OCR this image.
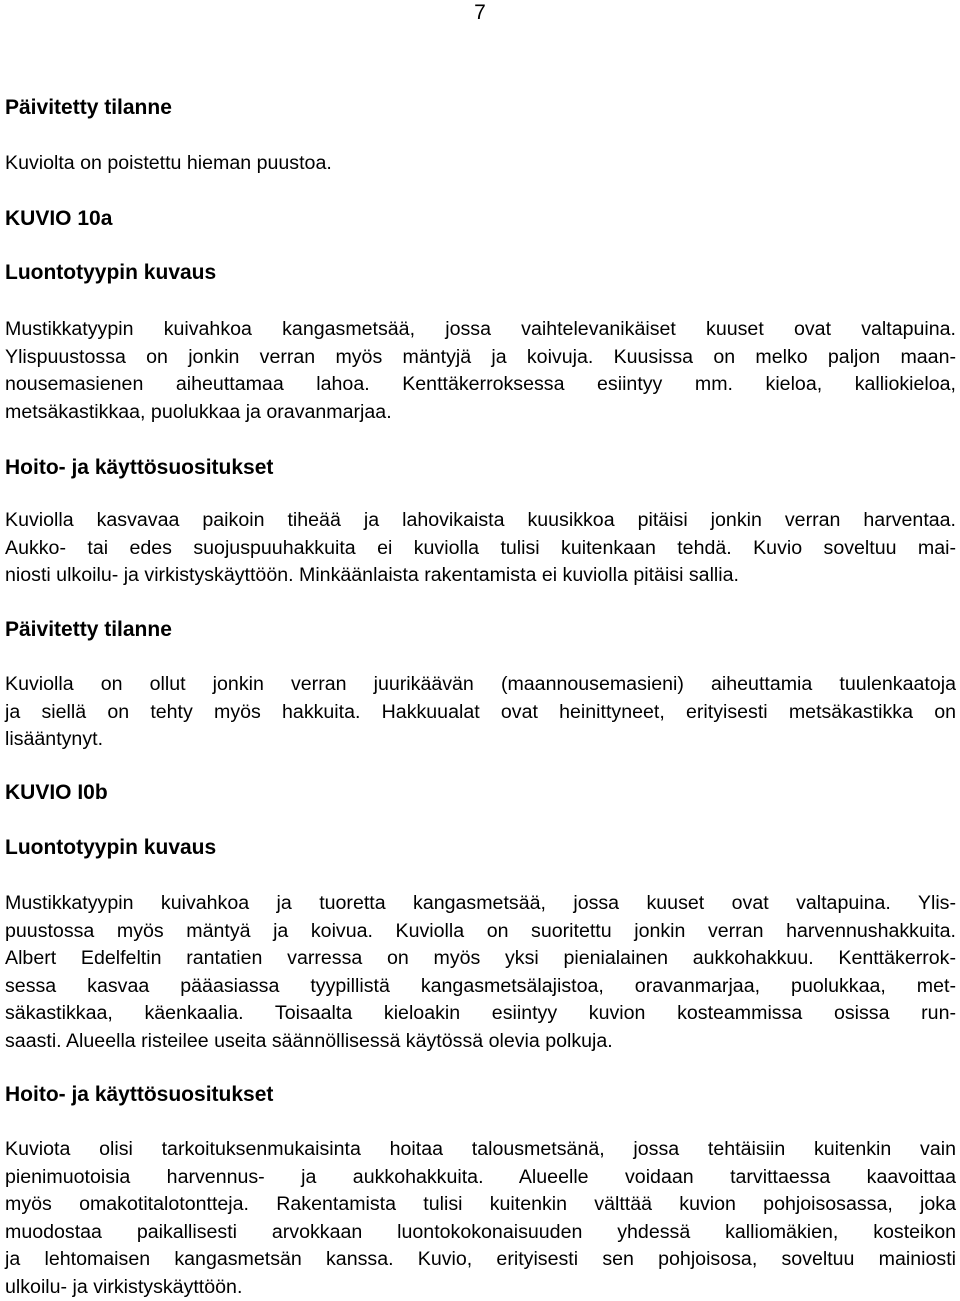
7
Päivitetty tilanne
Kuviolta on poistettu hieman puustoa.
KUVIO 10a
Luontotyypin kuvaus
Mustikkatyypin kuivahkoa kangasmetsää, jossa vaihtelevanikäiset kuuset ovat valtapuina.
Ylispuustossa on jonkin verran myös mäntyjä ja koivuja. Kuusissa on melko paljon maan-
nousemasienen aiheuttamaa lahoa. Kenttäkerroksessa esiintyy mm. kieloa, kalliokieloa,
metsäkastikkaa, puolukkaa ja oravanmarjaa.
Hoito- ja käyttösuositukset
Kuviolla kasvavaa paikoin tiheää ja lahovikaista kuusikkoa pitäisi jonkin verran harventaa.
Aukko- tai edes suojuspuuhakkuita ei kuviolla tulisi kuitenkaan tehdä. Kuvio soveltuu mai-
niosti ulkoilu- ja virkistyskäyttöön. Minkäänlaista rakentamista ei kuviolla pitäisi sallia.
Päivitetty tilanne
Kuviolla on ollut jonkin verran juurikäävän (maannousemasieni) aiheuttamia tuulenkaatoja
ja siellä on tehty myös hakkuita. Hakkuualat ovat heinittyneet, erityisesti metsäkastikka on
lisääntynyt.
KUVIO I0b
Luontotyypin kuvaus
Mustikkatyypin kuivahkoa ja tuoretta kangasmetsää, jossa kuuset ovat valtapuina. Ylis-
puustossa myös mäntyä ja koivua. Kuviolla on suoritettu jonkin verran harvennushakkuita.
Albert Edelfeltin rantatien varressa on myös yksi pienialainen aukkohakkuu. Kenttäkerrok-
sessa kasvaa pääasiassa tyypillistä kangasmetsälajistoa, oravanmarjaa, puolukkaa, met-
säkastikkaa, käenkaalia. Toisaalta kieloakin esiintyy kuvion kosteammissa osissa run-
saasti. Alueella risteilee useita säännöllisessä käytössä olevia polkuja.
Hoito- ja käyttösuositukset
Kuviota olisi tarkoituksenmukaisinta hoitaa talousmetsänä, jossa tehtäisiin kuitenkin vain
pienimuotoisia harvennus- ja aukkohakkuita. Alueelle voidaan tarvittaessa kaavoittaa
myös omakotitalotontteja. Rakentamista tulisi kuitenkin välttää kuvion pohjoisosassa, joka
muodostaa paikallisesti arvokkaan luontokokonaisuuden yhdessä kalliomäkien, kosteikon
ja lehtomaisen kangasmetsän kanssa. Kuvio, erityisesti sen pohjoisosa, soveltuu mainiosti
ulkoilu- ja virkistyskäyttöön.
